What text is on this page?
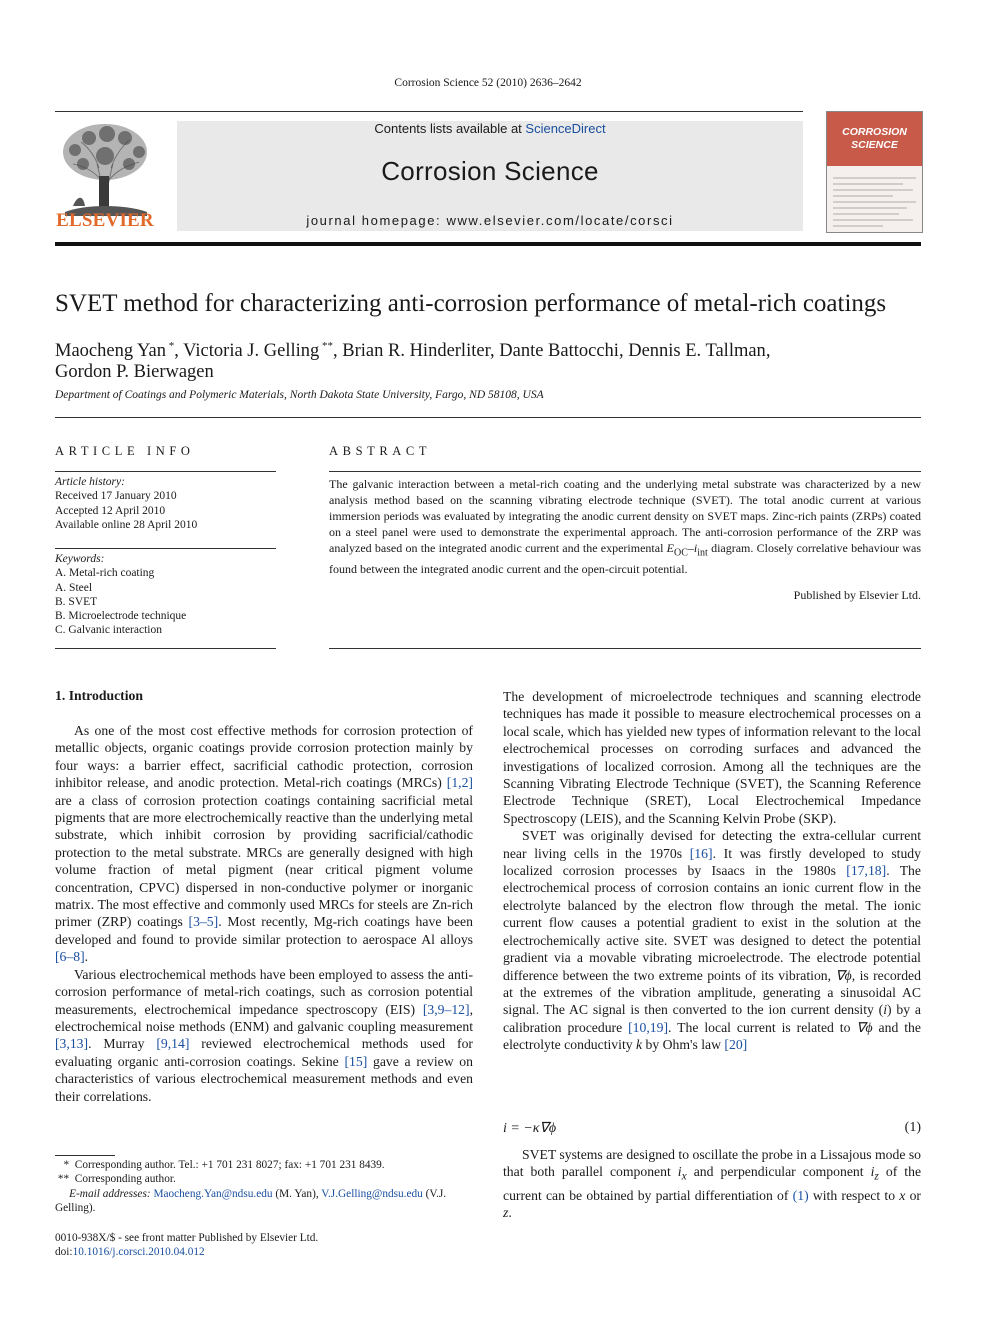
Corrosion Science 52 (2010) 2636–2642
ELSEVIER
Contents lists available at ScienceDirect
Corrosion Science
journal homepage: www.elsevier.com/locate/corsci
CORROSION
SCIENCE
SVET method for characterizing anti-corrosion performance of metal-rich coatings
Maocheng Yan *, Victoria J. Gelling **, Brian R. Hinderliter, Dante Battocchi, Dennis E. Tallman,
Gordon P. Bierwagen
Department of Coatings and Polymeric Materials, North Dakota State University, Fargo, ND 58108, USA
ARTICLE INFO
Article history:
Received 17 January 2010
Accepted 12 April 2010
Available online 28 April 2010
Keywords:
A. Metal-rich coating
A. Steel
B. SVET
B. Microelectrode technique
C. Galvanic interaction
ABSTRACT
The galvanic interaction between a metal-rich coating and the underlying metal substrate was characterized by a new analysis method based on the scanning vibrating electrode technique (SVET). The total anodic current at various immersion periods was evaluated by integrating the anodic current density on SVET maps. Zinc-rich paints (ZRPs) coated on a steel panel were used to demonstrate the experimental approach. The anti-corrosion performance of the ZRP was analyzed based on the integrated anodic current and the experimental $E_{OC}-i_{int}$ diagram. Closely correlative behaviour was found between the integrated anodic current and the open-circuit potential.
Published by Elsevier Ltd.
1. Introduction

As one of the most cost effective methods for corrosion protection of metallic objects, organic coatings provide corrosion protection mainly by four ways: a barrier effect, sacrificial cathodic protection, corrosion inhibitor release, and anodic protection. Metal-rich coatings (MRCs) [1,2] are a class of corrosion protection coatings containing sacrificial metal pigments that are more electrochemically reactive than the underlying metal substrate, which inhibit corrosion by providing sacrificial/cathodic protection to the metal substrate. MRCs are generally designed with high volume fraction of metal pigment (near critical pigment volume concentration, CPVC) dispersed in non-conductive polymer or inorganic matrix. The most effective and commonly used MRCs for steels are Zn-rich primer (ZRP) coatings [3–5]. Most recently, Mg-rich coatings have been developed and found to provide similar protection to aerospace Al alloys [6–8].

Various electrochemical methods have been employed to assess the anti-corrosion performance of metal-rich coatings, such as corrosion potential measurements, electrochemical impedance spectroscopy (EIS) [3,9–12], electrochemical noise methods (ENM) and galvanic coupling measurement [3,13]. Murray [9,14] reviewed electrochemical methods used for evaluating organic anti-corrosion coatings. Sekine [15] gave a review on characteristics of various electrochemical measurement methods and even their correlations.

The development of microelectrode techniques and scanning electrode techniques has made it possible to measure electrochemical processes on a local scale, which has yielded new types of information relevant to the local electrochemical processes on corroding surfaces and advanced the investigations of localized corrosion. Among all the techniques are the Scanning Vibrating Electrode Technique (SVET), the Scanning Reference Electrode Technique (SRET), Local Electrochemical Impedance Spectroscopy (LEIS), and the Scanning Kelvin Probe (SKP).

SVET was originally devised for detecting the extra-cellular current near living cells in the 1970s [16]. It was firstly developed to study localized corrosion processes by Isaacs in the 1980s [17,18]. The electrochemical process of corrosion contains an ionic current flow in the electrolyte balanced by the electron flow through the metal. The ionic current flow causes a potential gradient to exist in the solution at the electrochemically active site. SVET was designed to detect the potential gradient via a movable vibrating microelectrode. The electrode potential difference between the two extreme points of its vibration, ∇ϕ, is recorded at the extremes of the vibration amplitude, generating a sinusoidal AC signal. The AC signal is then converted to the ion current density (i) by a calibration procedure [10,19]. The local current is related to ∇ϕ and the electrolyte conductivity k by Ohm's law [20]

i = −κ∇ϕ	(1)

SVET systems are designed to oscillate the probe in a Lissajous mode so that both parallel component $i_x$ and perpendicular component $i_z$ of the current can be obtained by partial differentiation of (1) with respect to x or z.

* Corresponding author. Tel.: +1 701 231 8027; fax: +1 701 231 8439.
** Corresponding author.
E-mail addresses: Maocheng.Yan@ndsu.edu (M. Yan), V.J.Gelling@ndsu.edu (V.J. Gelling).
0010-938X/$ - see front matter Published by Elsevier Ltd.
doi:10.1016/j.corsci.2010.04.012
